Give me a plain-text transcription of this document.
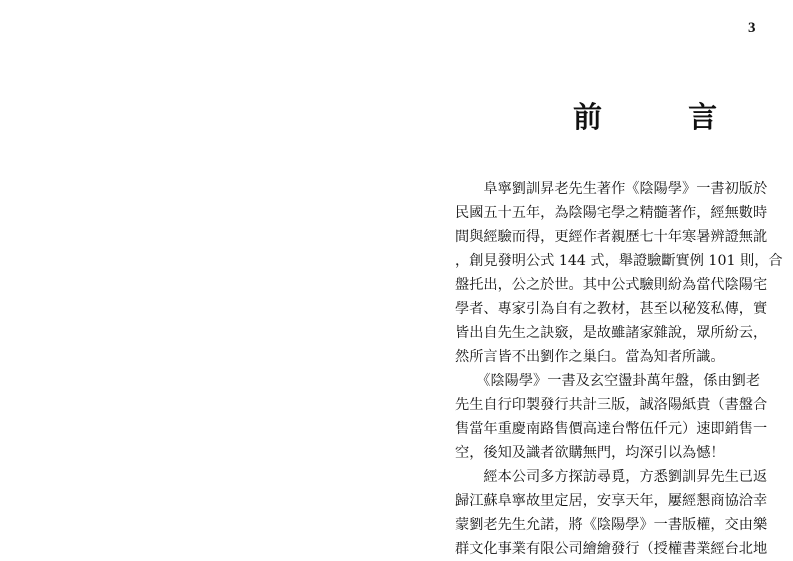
3
前 言
　　阜寧劉訓昇老先生著作《陰陽學》一書初版於
民國五十五年，為陰陽宅學之精髓著作，經無數時
間與經驗而得，更經作者親歷七十年寒暑辨證無訛
，創見發明公式 144 式，舉證驗斷實例 101 則，合
盤托出，公之於世。其中公式驗則紛為當代陰陽宅
學者、專家引為自有之教材，甚至以秘笈私傳，實
皆出自先生之訣竅，是故雖諸家雜說，眾所紛云，
然所言皆不出劉作之巢臼。當為知者所識。
　　《陰陽學》一書及玄空盪卦萬年盤，係由劉老
先生自行印製發行共計三版，誠洛陽紙貴（書盤合
售當年重慶南路售價高達台幣伍仟元）速即銷售一
空，後知及識者欲購無門，均深引以為憾！
　　經本公司多方探訪尋覓，方悉劉訓昇先生已返
歸江蘇阜寧故里定居，安享天年，屢經懇商協洽幸
蒙劉老先生允諾，將《陰陽學》一書版權，交由樂
群文化事業有限公司繪繪發行（授權書業經台北地
